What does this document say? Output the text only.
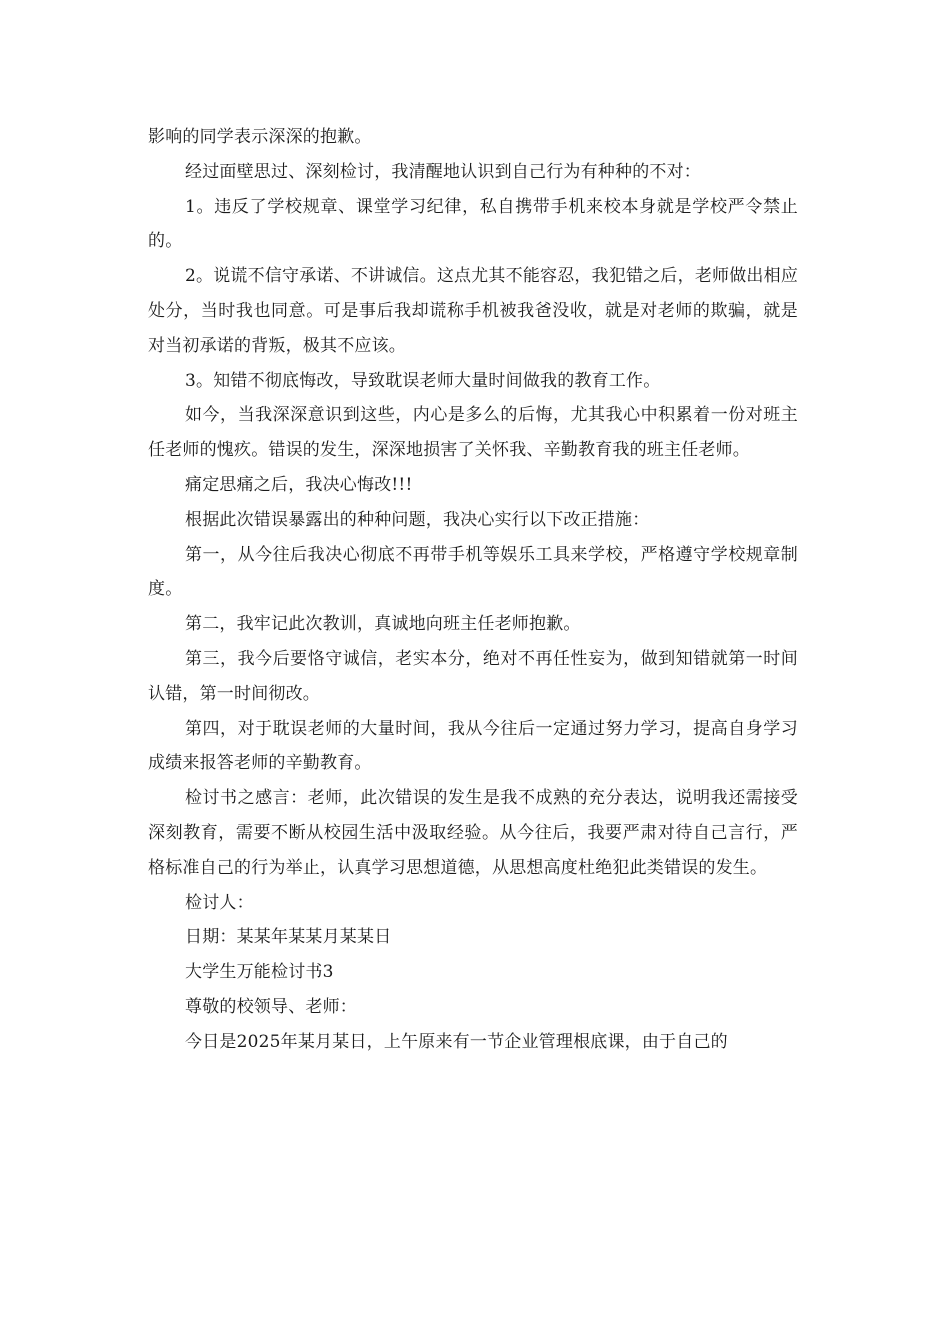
影响的同学表示深深的抱歉。

经过面壁思过、深刻检讨，我清醒地认识到自己行为有种种的不对：

1。违反了学校规章、课堂学习纪律，私自携带手机来校本身就是学校严令禁止的。

2。说谎不信守承诺、不讲诚信。这点尤其不能容忍，我犯错之后，老师做出相应处分，当时我也同意。可是事后我却谎称手机被我爸没收，就是对老师的欺骗，就是对当初承诺的背叛，极其不应该。

3。知错不彻底悔改，导致耽误老师大量时间做我的教育工作。

如今，当我深深意识到这些，内心是多么的后悔，尤其我心中积累着一份对班主任老师的愧疚。错误的发生，深深地损害了关怀我、辛勤教育我的班主任老师。

痛定思痛之后，我决心悔改!!!

根据此次错误暴露出的种种问题，我决心实行以下改正措施：

第一，从今往后我决心彻底不再带手机等娱乐工具来学校，严格遵守学校规章制度。

第二，我牢记此次教训，真诚地向班主任老师抱歉。

第三，我今后要恪守诚信，老实本分，绝对不再任性妄为，做到知错就第一时间认错，第一时间彻改。

第四，对于耽误老师的大量时间，我从今往后一定通过努力学习，提高自身学习成绩来报答老师的辛勤教育。

检讨书之感言：老师，此次错误的发生是我不成熟的充分表达，说明我还需接受深刻教育，需要不断从校园生活中汲取经验。从今往后，我要严肃对待自己言行，严格标准自己的行为举止，认真学习思想道德，从思想高度杜绝犯此类错误的发生。

检讨人：

日期：某某年某某月某某日

大学生万能检讨书3

尊敬的校领导、老师：

今日是2025年某月某日，上午原来有一节企业管理根底课，由于自己的
